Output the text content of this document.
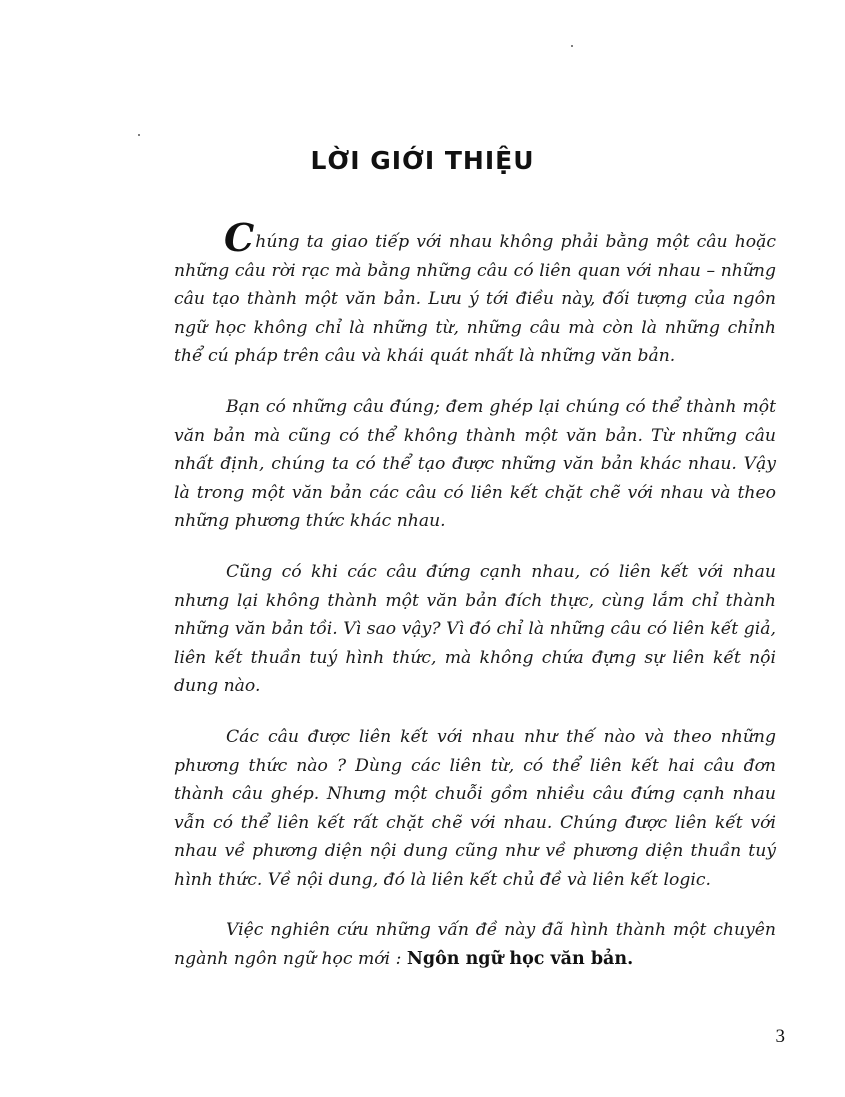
LỜI GIỚI THIỆU

Chúng ta giao tiếp với nhau không phải bằng một câu hoặc những câu rời rạc mà bằng những câu có liên quan với nhau – những câu tạo thành một văn bản. Lưu ý tới điều này, đối tượng của ngôn ngữ học không chỉ là những từ, những câu mà còn là những chỉnh thể cú pháp trên câu và khái quát nhất là những văn bản.

Bạn có những câu đúng; đem ghép lại chúng có thể thành một văn bản mà cũng có thể không thành một văn bản. Từ những câu nhất định, chúng ta có thể tạo được những văn bản khác nhau. Vậy là trong một văn bản các câu có liên kết chặt chẽ với nhau và theo những phương thức khác nhau.

Cũng có khi các câu đứng cạnh nhau, có liên kết với nhau nhưng lại không thành một văn bản đích thực, cùng lắm chỉ thành những văn bản tồi. Vì sao vậy? Vì đó chỉ là những câu có liên kết giả, liên kết thuần tuý hình thức, mà không chứa đựng sự liên kết nội dung nào.

Các câu được liên kết với nhau như thế nào và theo những phương thức nào ? Dùng các liên từ, có thể liên kết hai câu đơn thành câu ghép. Nhưng một chuỗi gồm nhiều câu đứng cạnh nhau vẫn có thể liên kết rất chặt chẽ với nhau. Chúng được liên kết với nhau về phương diện nội dung cũng như về phương diện thuần tuý hình thức. Về nội dung, đó là liên kết chủ đề và liên kết logic.

Việc nghiên cứu những vấn đề này đã hình thành một chuyên ngành ngôn ngữ học mới : Ngôn ngữ học văn bản.

3
